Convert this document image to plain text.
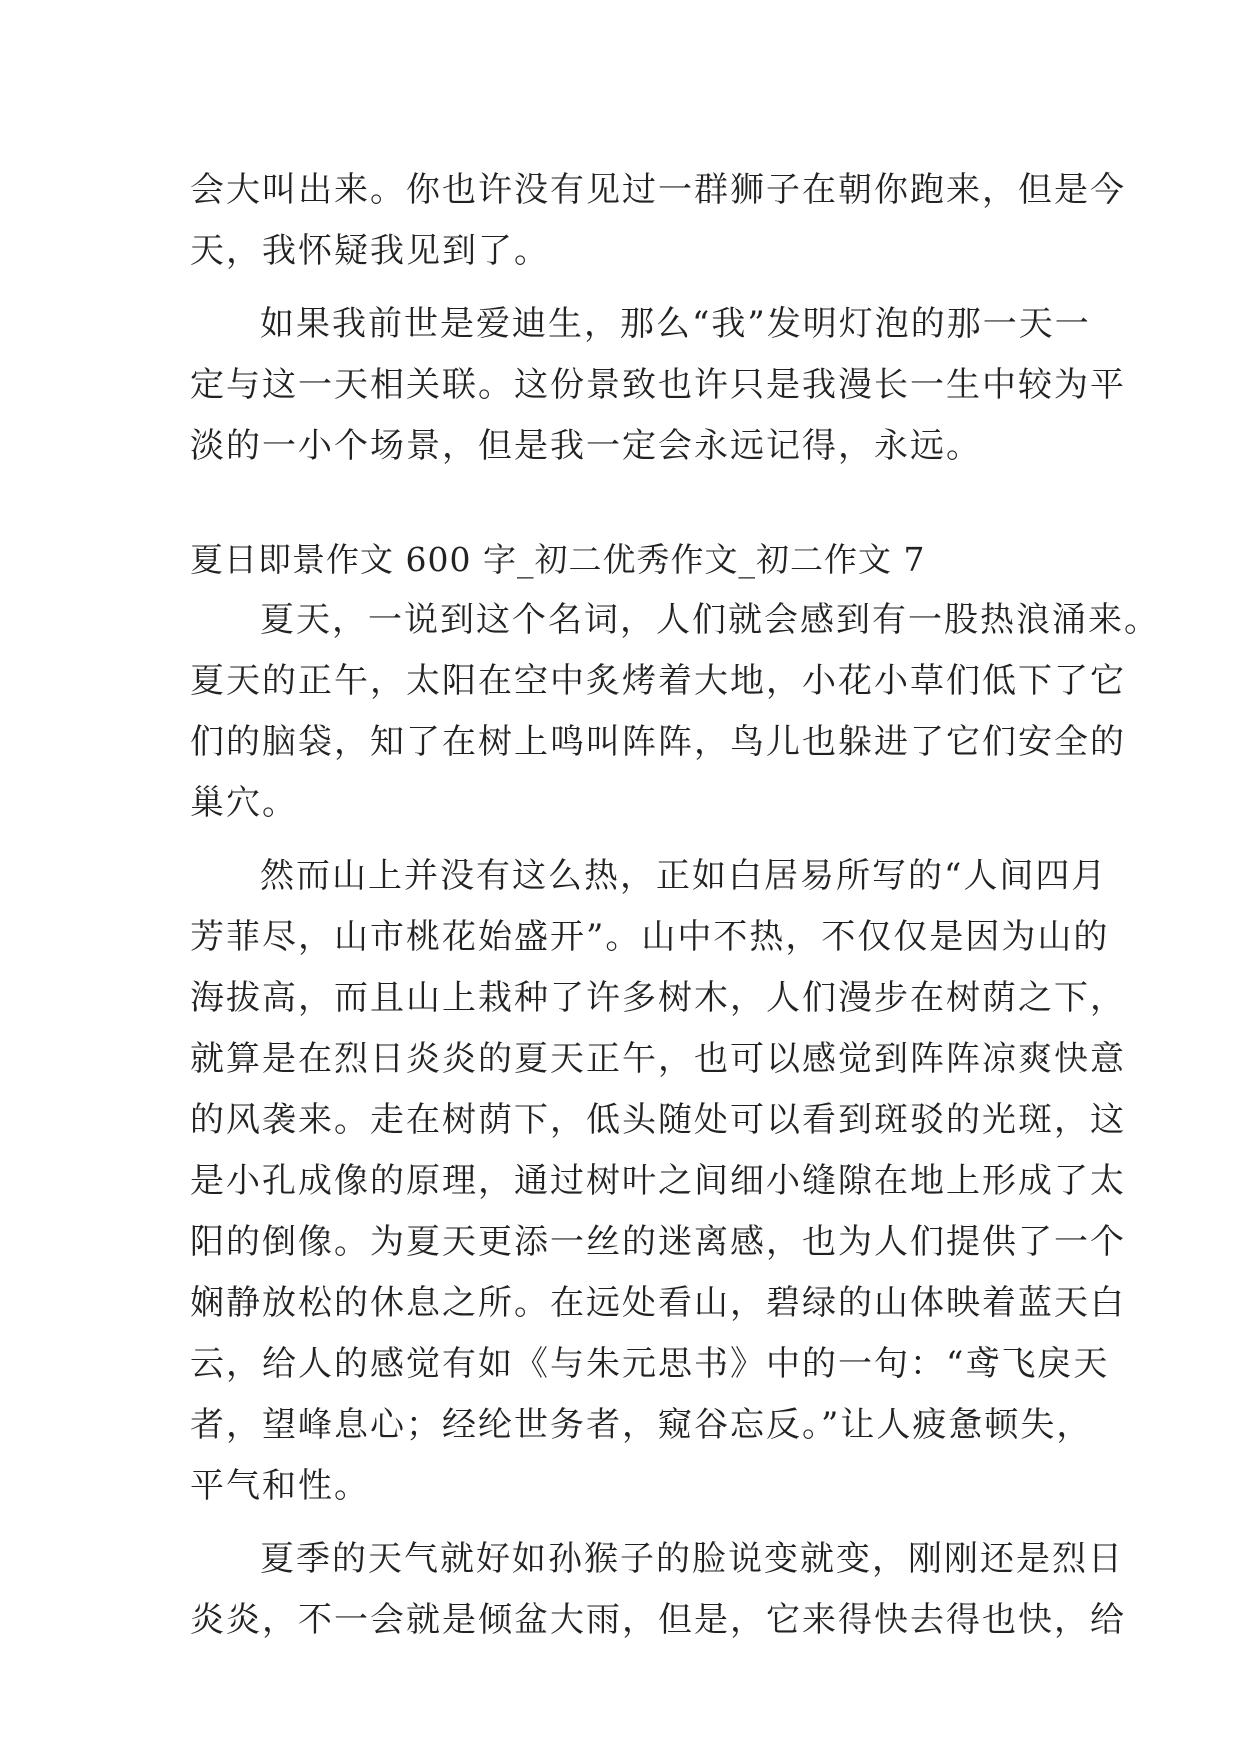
会大叫出来。你也许没有见过一群狮子在朝你跑来，但是今
天，我怀疑我见到了。
如果我前世是爱迪生，那么“我”发明灯泡的那一天一
定与这一天相关联。这份景致也许只是我漫长一生中较为平
淡的一小个场景，但是我一定会永远记得，永远。
夏日即景作文 600 字_初二优秀作文_初二作文 7
夏天，一说到这个名词，人们就会感到有一股热浪涌来。
夏天的正午，太阳在空中炙烤着大地，小花小草们低下了它
们的脑袋，知了在树上鸣叫阵阵，鸟儿也躲进了它们安全的
巢穴。
然而山上并没有这么热，正如白居易所写的“人间四月
芳菲尽，山市桃花始盛开”。山中不热，不仅仅是因为山的
海拔高，而且山上栽种了许多树木，人们漫步在树荫之下，
就算是在烈日炎炎的夏天正午，也可以感觉到阵阵凉爽快意
的风袭来。走在树荫下，低头随处可以看到斑驳的光斑，这
是小孔成像的原理，通过树叶之间细小缝隙在地上形成了太
阳的倒像。为夏天更添一丝的迷离感，也为人们提供了一个
娴静放松的休息之所。在远处看山，碧绿的山体映着蓝天白
云，给人的感觉有如《与朱元思书》中的一句：“鸢飞戾天
者，望峰息心；经纶世务者，窥谷忘反。”让人疲惫顿失，
平气和性。
夏季的天气就好如孙猴子的脸说变就变，刚刚还是烈日
炎炎，不一会就是倾盆大雨，但是，它来得快去得也快，给
